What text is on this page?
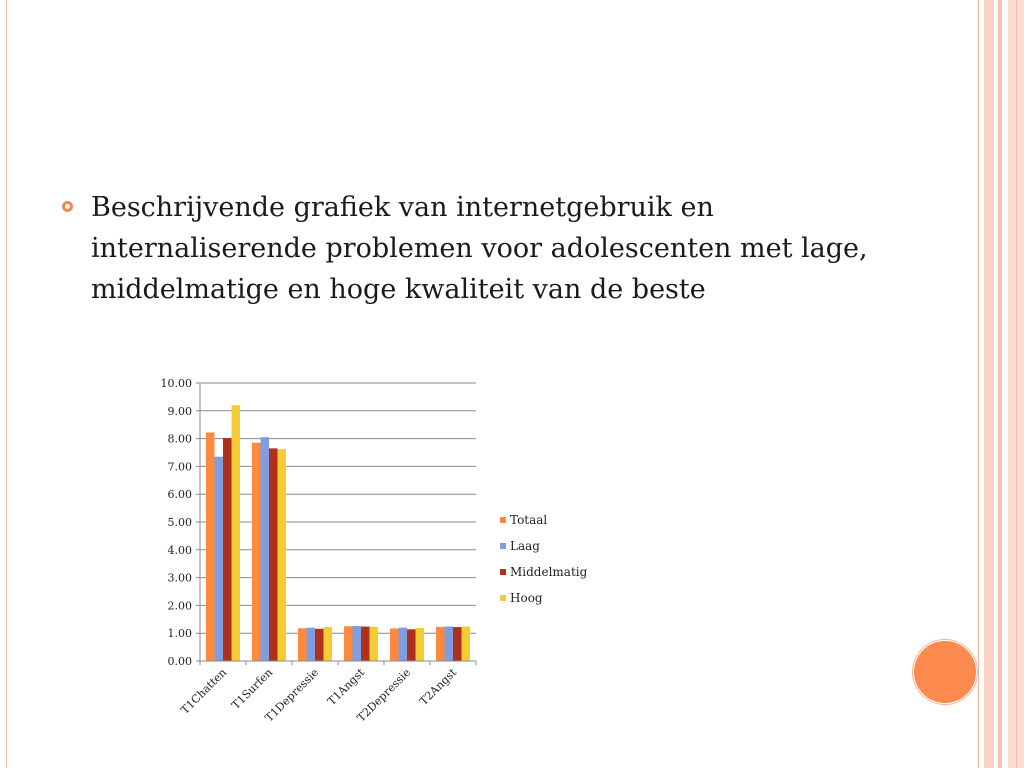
Beschrijvende grafiek van internetgebruik en internaliserende problemen voor adolescenten met lage, middelmatige en hoge kwaliteit van de beste
0.00
1.00
2.00
3.00
4.00
5.00
6.00
7.00
8.00
9.00
10.00
T1Chatten T1Surfen
T1Depressie T1Angst
T2Depressie T2Angst
Totaal
Laag
Middelmatig
Hoog
